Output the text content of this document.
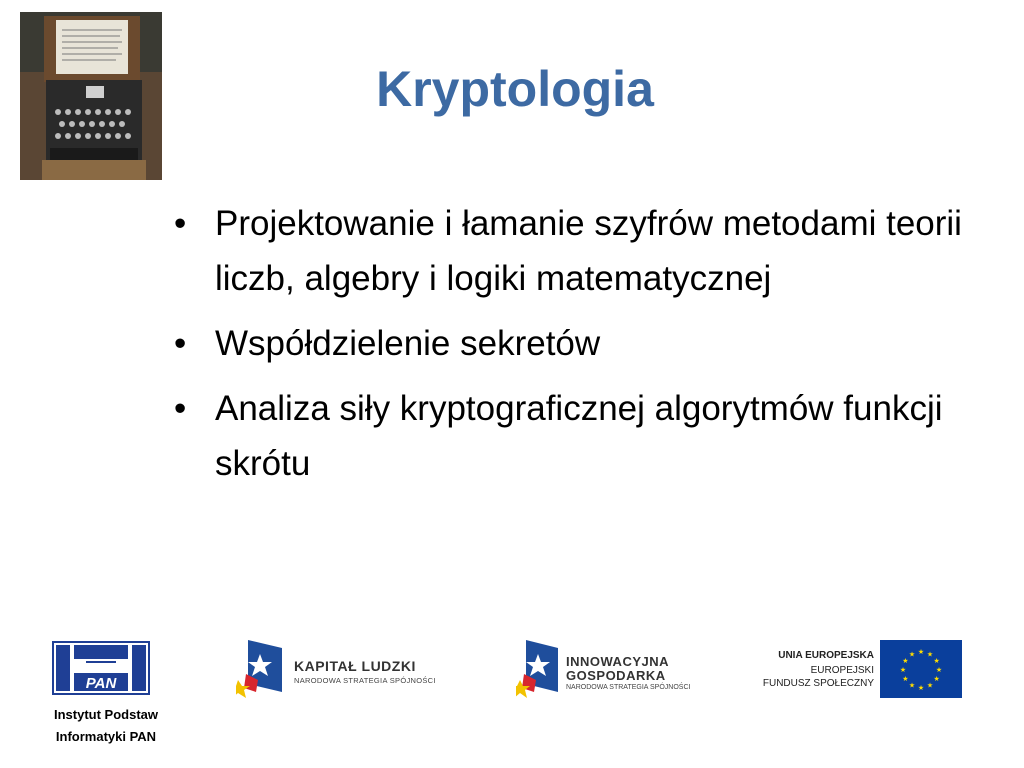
Kryptologia
• Projektowanie i łamanie szyfrów metodami teorii liczb, algebry i logiki matematycznej
• Współdzielenie sekretów
• Analiza siły kryptograficznej algorytmów funkcji skrótu
PAN
Instytut Podstaw
Informatyki PAN
KAPITAŁ LUDZKI
NARODOWA STRATEGIA SPÓJNOŚCI
INNOWACYJNA
GOSPODARKA
NARODOWA STRATEGIA SPÓJNOŚCI
UNIA EUROPEJSKA
EUROPEJSKI
FUNDUSZ SPOŁECZNY
★ ★
★
★
★
★
★
★
★
★
★
★
